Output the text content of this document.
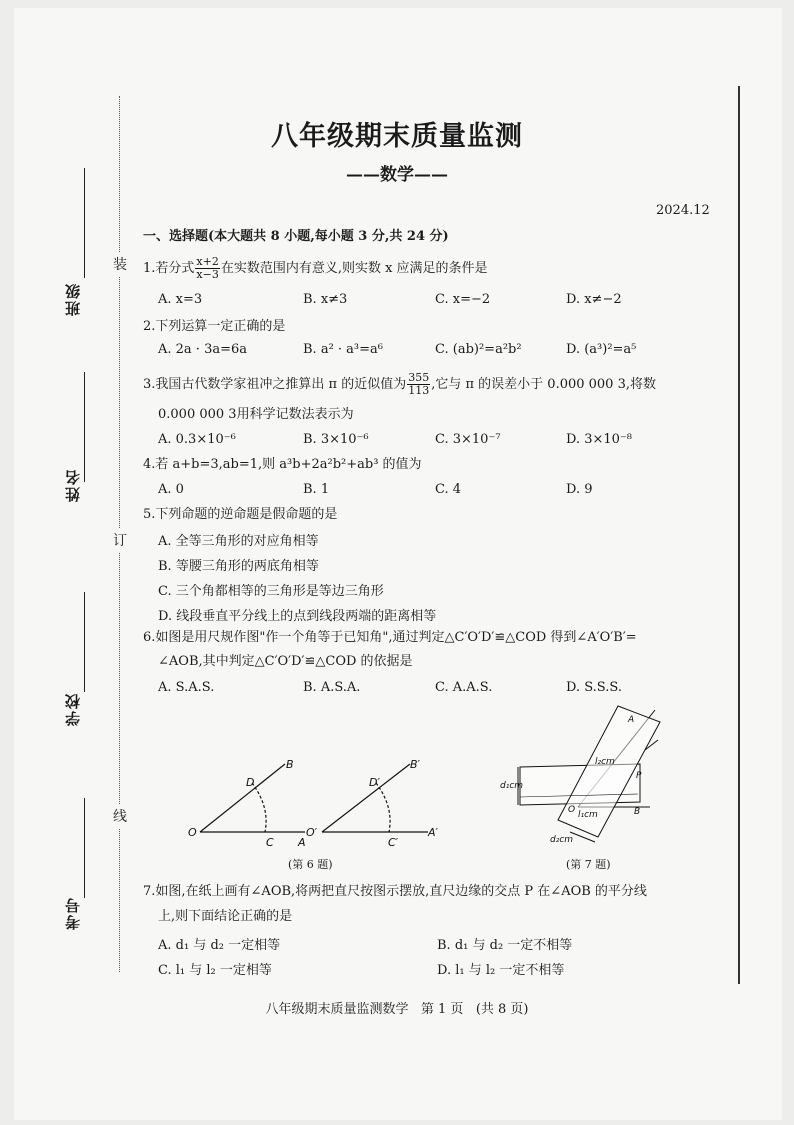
班级
姓名
学校
考号
装
订
线
八年级期末质量监测
——数学——
2024.12
一、选择题(本大题共 8 小题,每小题 3 分,共 24 分)
1.若分式 $\frac{x+2}{x-3}$ 在实数范围内有意义,则实数 x 应满足的条件是
A. x=3	B. x≠3	C. x=−2	D. x≠−2
2.下列运算一定正确的是
A. 2a · 3a=6a	B. a² · a³=a⁶	C. (ab)²=a²b²	D. (a³)²=a⁵
3.我国古代数学家祖冲之推算出 π 的近似值为 $\frac{355}{113}$ ,它与 π 的误差小于 0.000 000 3,将数
0.000 000 3用科学记数法表示为
A. 0.3×10⁻⁶	B. 3×10⁻⁶	C. 3×10⁻⁷	D. 3×10⁻⁸
4.若 a+b=3,ab=1,则 a³b+2a²b²+ab³ 的值为
A. 0	B. 1	C. 4	D. 9
5.下列命题的逆命题是假命题的是
A. 全等三角形的对应角相等
B. 等腰三角形的两底角相等
C. 三个角都相等的三角形是等边三角形
D. 线段垂直平分线上的点到线段两端的距离相等
6.如图是用尺规作图"作一个角等于已知角",通过判定△C′O′D′≌△COD 得到∠A′O′B′=
∠AOB,其中判定△C′O′D′≌△COD 的依据是
A. S.A.S.	B. A.S.A.	C. A.A.S.	D. S.S.S.
O
A
B
C
D
O′	A′
B′
C′
D′
(第 6 题)
A
B
O
P
l₂cm
l₁cm
d₁cm
d₂cm
(第 7 题)
7.如图,在纸上画有∠AOB,将两把直尺按图示摆放,直尺边缘的交点 P 在∠AOB 的平分线
上,则下面结论正确的是
A. d₁ 与 d₂ 一定相等	B. d₁ 与 d₂ 一定不相等
C. l₁ 与 l₂ 一定相等	D. l₁ 与 l₂ 一定不相等
八年级期末质量监测数学   第 1 页   (共 8 页)
